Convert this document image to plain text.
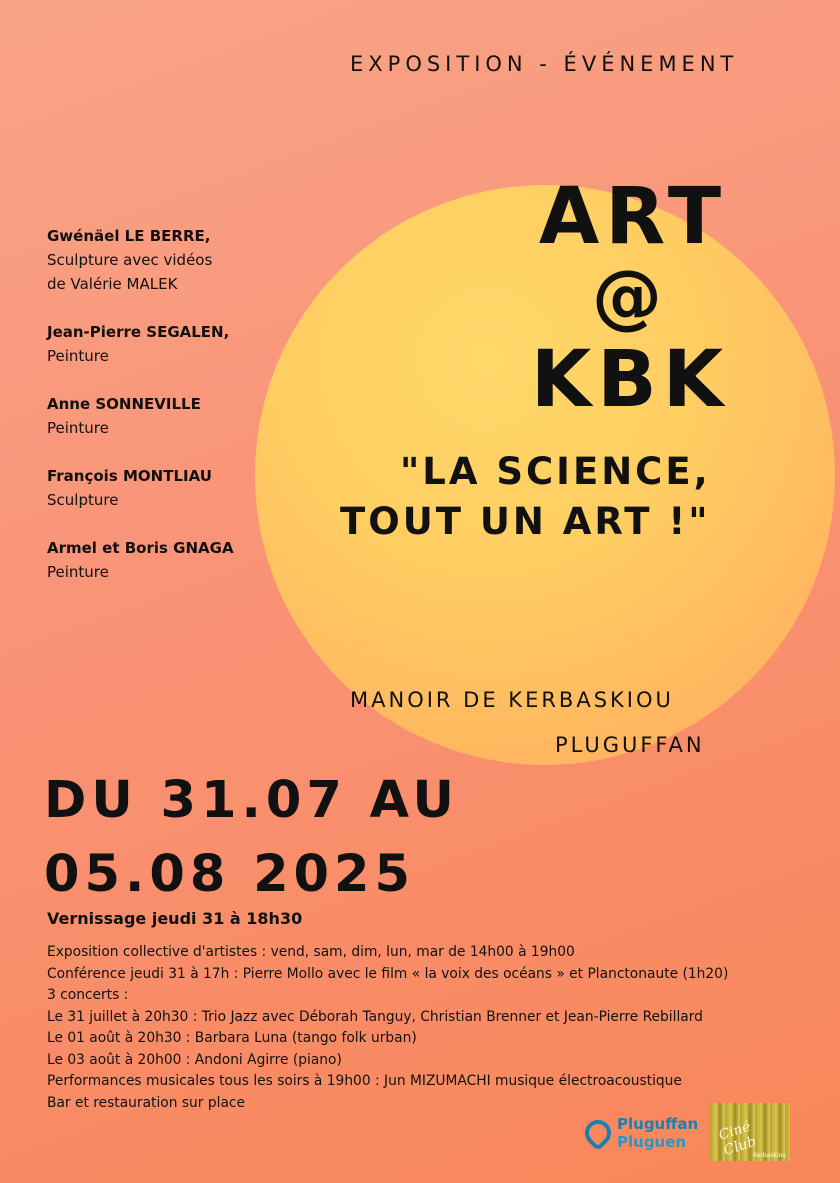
EXPOSITION - ÉVÉNEMENT
ART
@
KBK
"LA SCIENCE,
TOUT UN ART !"
Gwénäel LE BERRE,
Sculpture avec vidéos
de Valérie MALEK
Jean-Pierre SEGALEN,
Peinture
Anne SONNEVILLE
Peinture
François MONTLIAU
Sculpture
Armel et Boris GNAGA
Peinture
MANOIR DE KERBASKIOU
PLUGUFFAN
DU 31.07 AU
05.08 2025
Vernissage jeudi 31 à 18h30
Exposition collective d'artistes : vend, sam, dim, lun, mar de 14h00 à 19h00
Conférence jeudi 31 à 17h : Pierre Mollo avec le film « la voix des océans » et Planctonaute (1h20)
3 concerts :
Le 31 juillet à 20h30 : Trio Jazz avec Déborah Tanguy, Christian Brenner et Jean-Pierre Rebillard
Le 01 août à 20h30 : Barbara Luna (tango folk urban)
Le 03 août à 20h00 : Andoni Agirre (piano)
Performances musicales tous les soirs à 19h00 : Jun MIZUMACHI musique électroacoustique
Bar et restauration sur place
Pluguffan
Pluguen Ciné Club
Kerbaskiou
